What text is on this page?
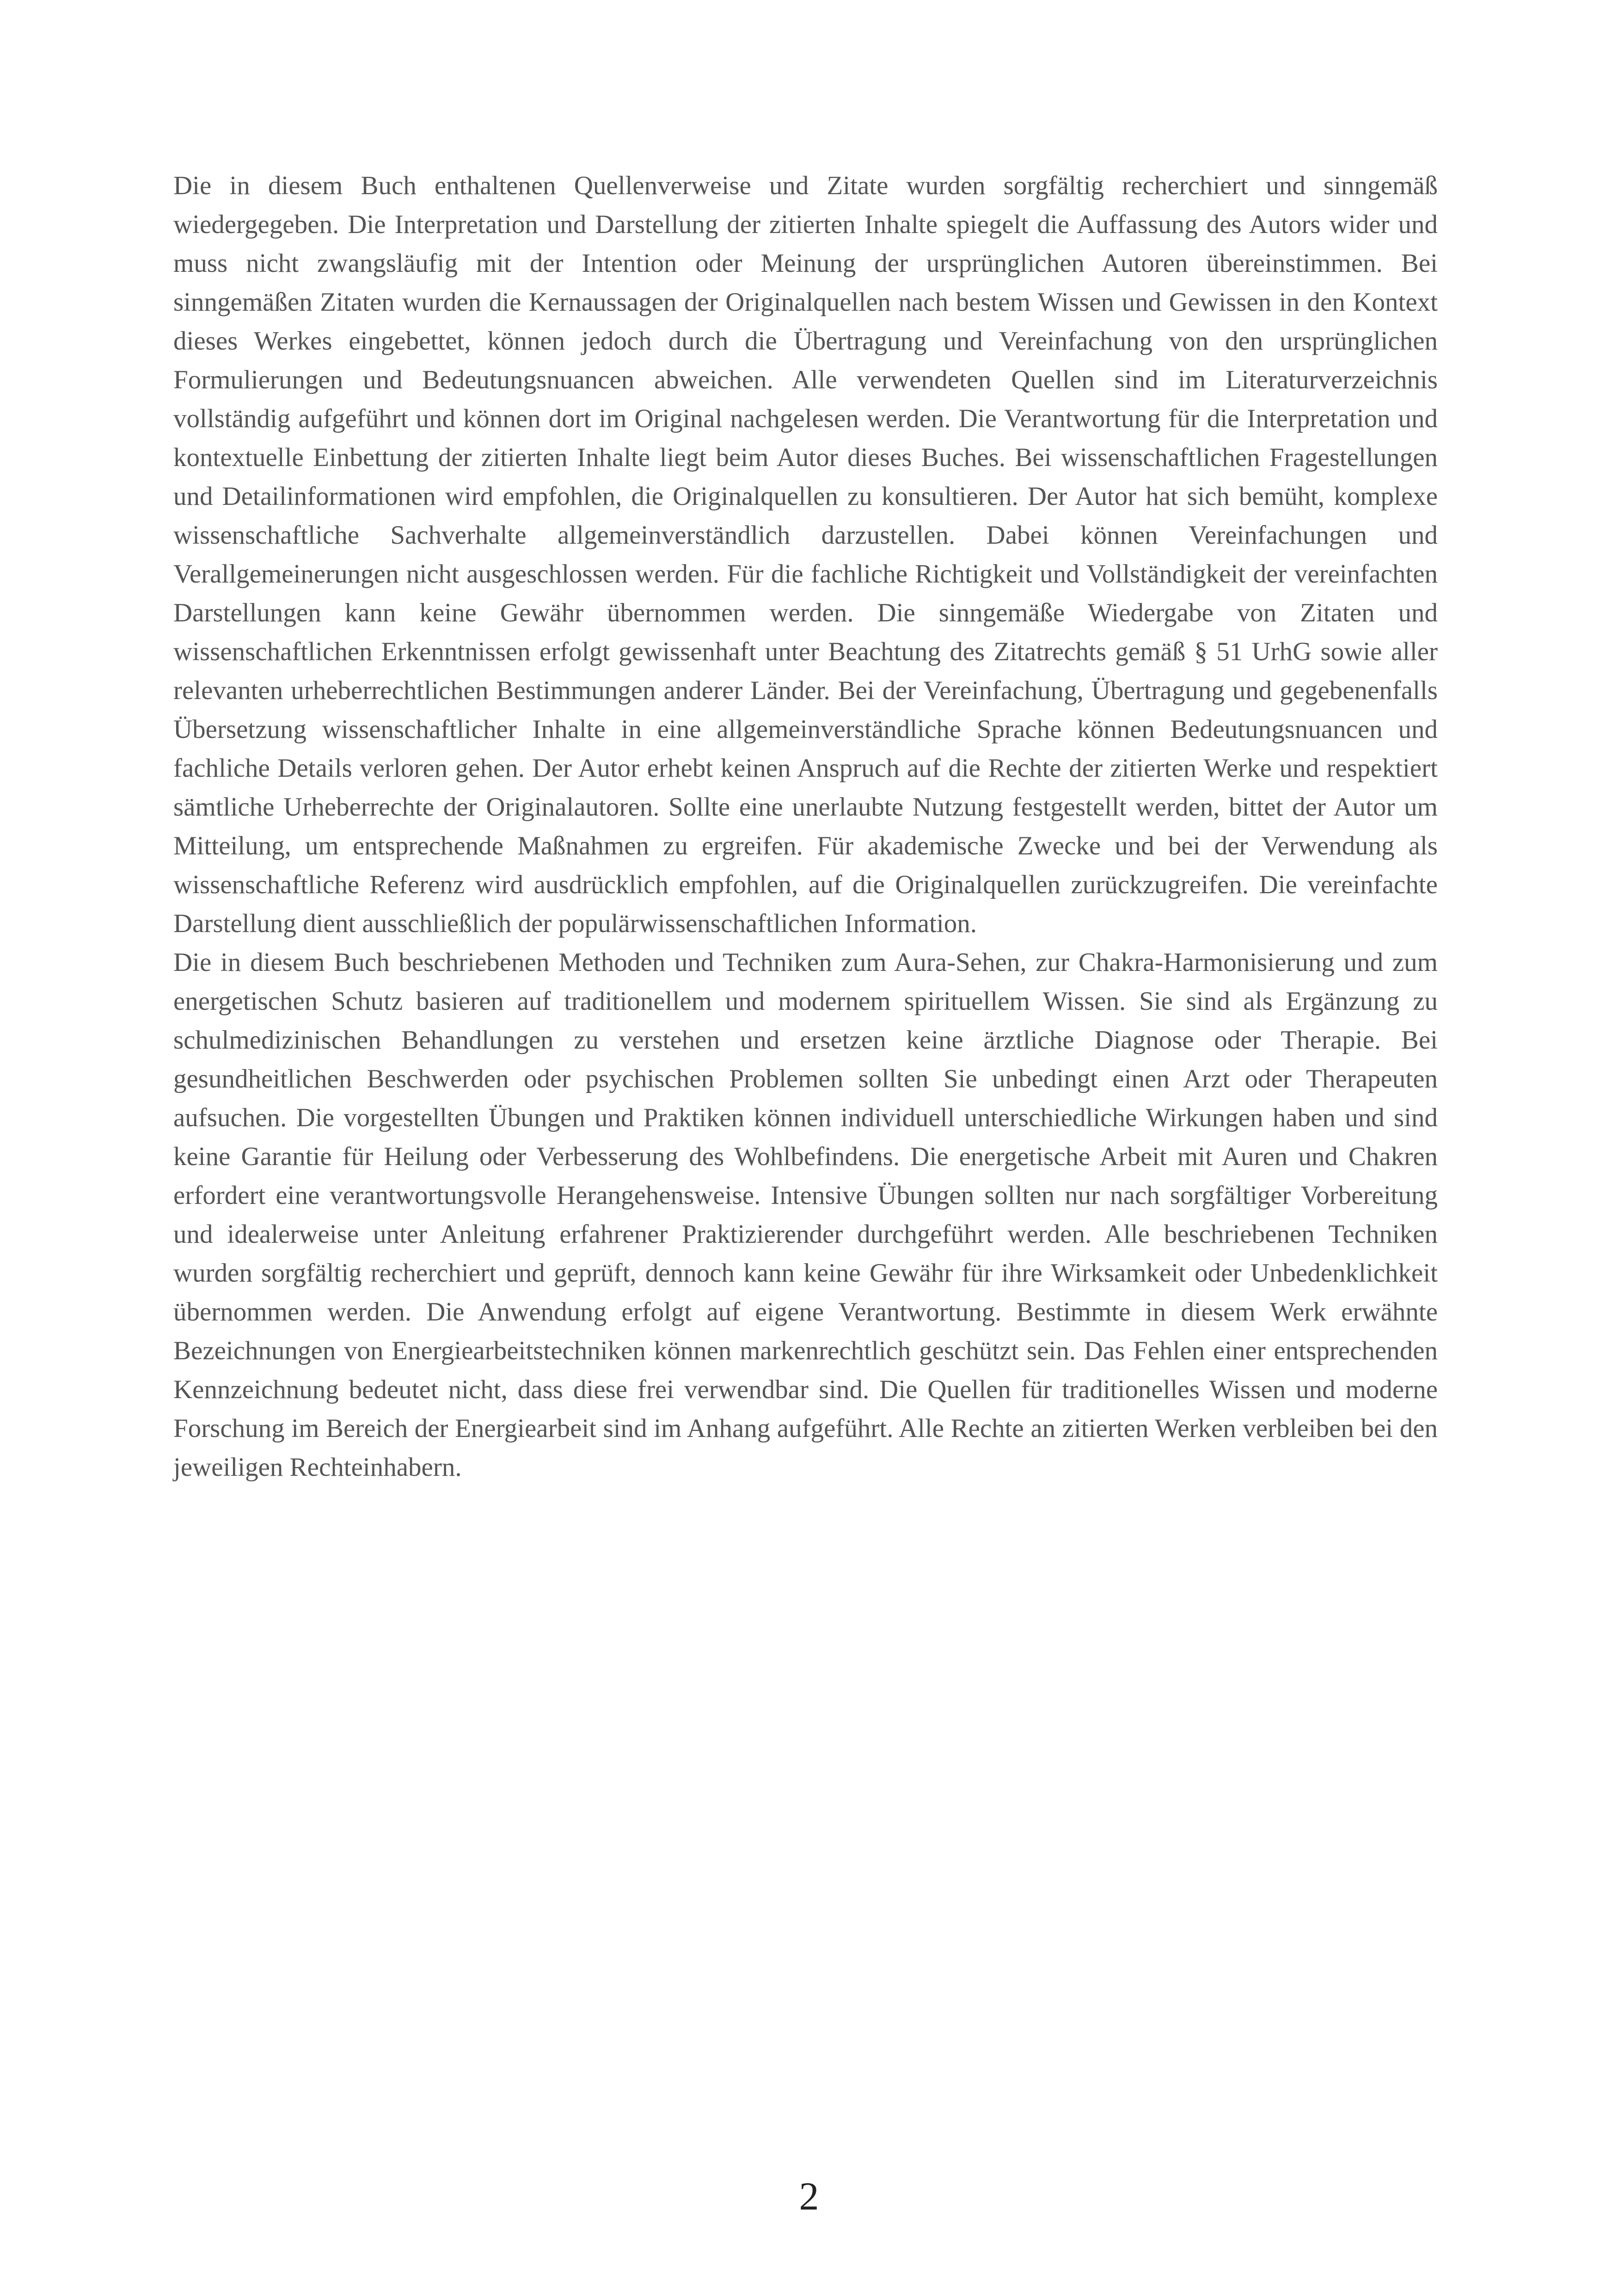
Die in diesem Buch enthaltenen Quellenverweise und Zitate wurden sorgfältig recherchiert und sinngemäß wiedergegeben. Die Interpretation und Darstellung der zitierten Inhalte spiegelt die Auffassung des Autors wider und muss nicht zwangsläufig mit der Intention oder Meinung der ursprünglichen Autoren übereinstimmen. Bei sinngemäßen Zitaten wurden die Kernaussagen der Originalquellen nach bestem Wissen und Gewissen in den Kontext dieses Werkes eingebettet, können jedoch durch die Übertragung und Vereinfachung von den ursprünglichen Formulierungen und Bedeutungsnuancen abweichen. Alle verwendeten Quellen sind im Literaturverzeichnis vollständig aufgeführt und können dort im Original nachgelesen werden. Die Verantwortung für die Interpretation und kontextuelle Einbettung der zitierten Inhalte liegt beim Autor dieses Buches. Bei wissenschaftlichen Fragestellungen und Detailinformationen wird empfohlen, die Originalquellen zu konsultieren. Der Autor hat sich bemüht, komplexe wissenschaftliche Sachverhalte allgemeinverständlich darzustellen. Dabei können Vereinfachungen und Verallgemeinerungen nicht ausgeschlossen werden. Für die fachliche Richtigkeit und Vollständigkeit der vereinfachten Darstellungen kann keine Gewähr übernommen werden. Die sinngemäße Wiedergabe von Zitaten und wissenschaftlichen Erkenntnissen erfolgt gewissenhaft unter Beachtung des Zitatrechts gemäß § 51 UrhG sowie aller relevanten urheberrechtlichen Bestimmungen anderer Länder. Bei der Vereinfachung, Übertragung und gegebenenfalls Übersetzung wissenschaftlicher Inhalte in eine allgemeinverständliche Sprache können Bedeutungsnuancen und fachliche Details verloren gehen. Der Autor erhebt keinen Anspruch auf die Rechte der zitierten Werke und respektiert sämtliche Urheberrechte der Originalautoren. Sollte eine unerlaubte Nutzung festgestellt werden, bittet der Autor um Mitteilung, um entsprechende Maßnahmen zu ergreifen. Für akademische Zwecke und bei der Verwendung als wissenschaftliche Referenz wird ausdrücklich empfohlen, auf die Originalquellen zurückzugreifen. Die vereinfachte Darstellung dient ausschließlich der populärwissenschaftlichen Information.

Die in diesem Buch beschriebenen Methoden und Techniken zum Aura-Sehen, zur Chakra-Harmonisierung und zum energetischen Schutz basieren auf traditionellem und modernem spirituellem Wissen. Sie sind als Ergänzung zu schulmedizinischen Behandlungen zu verstehen und ersetzen keine ärztliche Diagnose oder Therapie. Bei gesundheitlichen Beschwerden oder psychischen Problemen sollten Sie unbedingt einen Arzt oder Therapeuten aufsuchen. Die vorgestellten Übungen und Praktiken können individuell unterschiedliche Wirkungen haben und sind keine Garantie für Heilung oder Verbesserung des Wohlbefindens. Die energetische Arbeit mit Auren und Chakren erfordert eine verantwortungsvolle Herangehensweise. Intensive Übungen sollten nur nach sorgfältiger Vorbereitung und idealerweise unter Anleitung erfahrener Praktizierender durchgeführt werden. Alle beschriebenen Techniken wurden sorgfältig recherchiert und geprüft, dennoch kann keine Gewähr für ihre Wirksamkeit oder Unbedenklichkeit übernommen werden. Die Anwendung erfolgt auf eigene Verantwortung. Bestimmte in diesem Werk erwähnte Bezeichnungen von Energiearbeitstechniken können markenrechtlich geschützt sein. Das Fehlen einer entsprechenden Kennzeichnung bedeutet nicht, dass diese frei verwendbar sind. Die Quellen für traditionelles Wissen und moderne Forschung im Bereich der Energiearbeit sind im Anhang aufgeführt. Alle Rechte an zitierten Werken verbleiben bei den jeweiligen Rechteinhabern.

2
